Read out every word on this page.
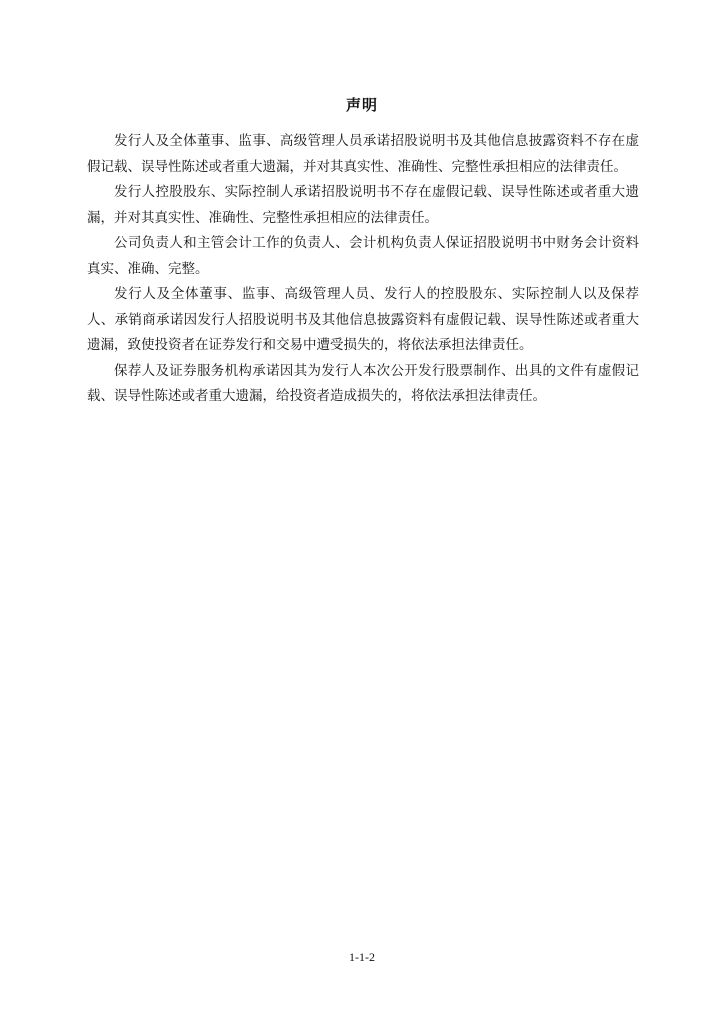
声明

发行人及全体董事、监事、高级管理人员承诺招股说明书及其他信息披露资料不存在虚假记载、误导性陈述或者重大遗漏，并对其真实性、准确性、完整性承担相应的法律责任。

发行人控股股东、实际控制人承诺招股说明书不存在虚假记载、误导性陈述或者重大遗漏，并对其真实性、准确性、完整性承担相应的法律责任。

公司负责人和主管会计工作的负责人、会计机构负责人保证招股说明书中财务会计资料真实、准确、完整。

发行人及全体董事、监事、高级管理人员、发行人的控股股东、实际控制人以及保荐人、承销商承诺因发行人招股说明书及其他信息披露资料有虚假记载、误导性陈述或者重大遗漏，致使投资者在证券发行和交易中遭受损失的，将依法承担法律责任。

保荐人及证券服务机构承诺因其为发行人本次公开发行股票制作、出具的文件有虚假记载、误导性陈述或者重大遗漏，给投资者造成损失的，将依法承担法律责任。

1-1-2
